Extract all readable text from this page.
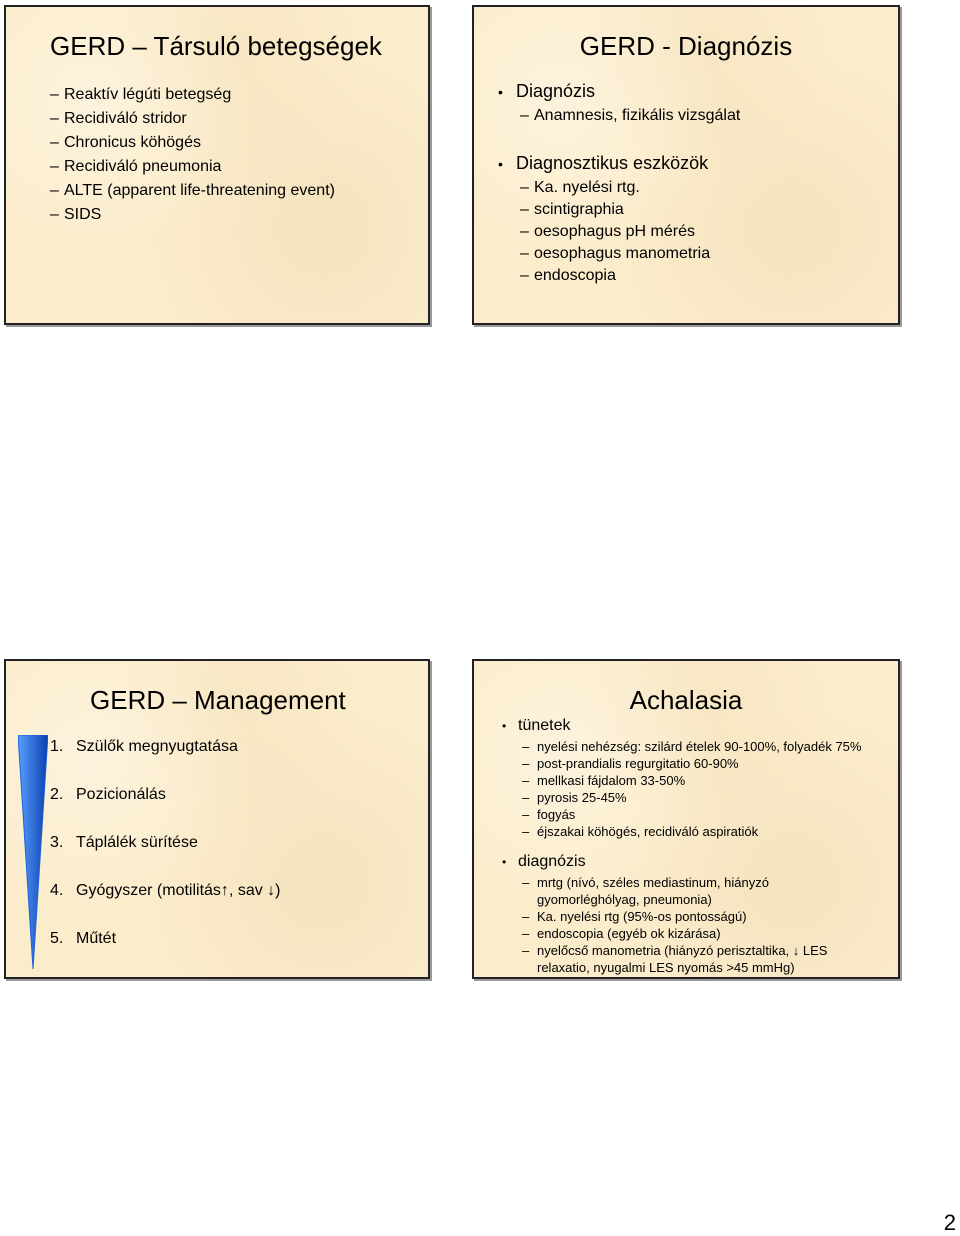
GERD – Társuló betegségek
– Reaktív légúti betegség
– Recidiváló stridor
– Chronicus köhögés
– Recidiváló pneumonia
– ALTE (apparent life-threatening event)
– SIDS
GERD - Diagnózis
• Diagnózis
– Anamnesis, fizikális vizsgálat
• Diagnosztikus eszközök
– Ka. nyelési rtg.
– scintigraphia
– oesophagus pH mérés
– oesophagus manometria
– endoscopia
GERD – Management
1. Szülők megnyugtatása
2. Pozicionálás
3. Táplálék sürítése
4. Gyógyszer (motilitás↑, sav ↓)
5. Műtét
Achalasia
• tünetek
– nyelési nehézség: szilárd ételek 90-100%, folyadék 75%
– post-prandialis regurgitatio 60-90%
– mellkasi fájdalom 33-50%
– pyrosis 25-45%
– fogyás
– éjszakai köhögés, recidiváló aspiratiók
• diagnózis
– mrtg (nívó, széles mediastinum, hiányzó gyomorléghólyag, pneumonia)
– Ka. nyelési rtg (95%-os pontosságú)
– endoscopia (egyéb ok kizárása)
– nyelőcső manometria (hiányzó perisztaltika, ↓ LES relaxatio, nyugalmi LES nyomás >45 mmHg)
2
